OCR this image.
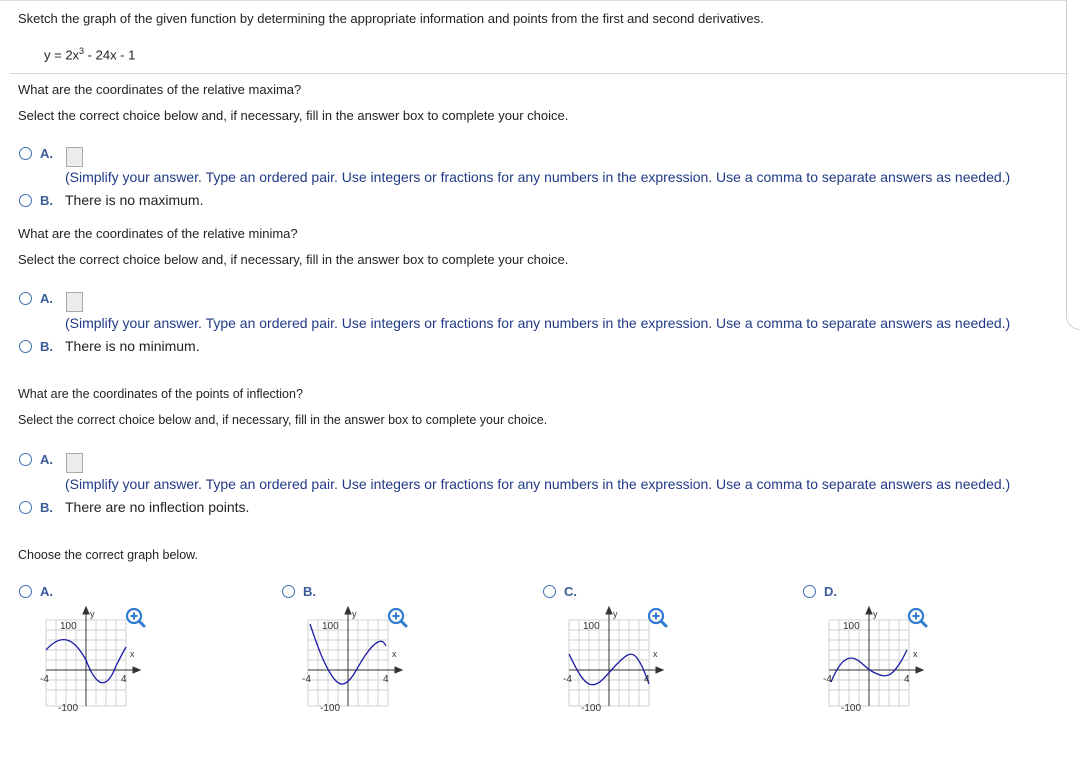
Sketch the graph of the given function by determining the appropriate information and points from the first and second derivatives.
$y = 2x^3 - 24x - 1$
What are the coordinates of the relative maxima?
Select the correct choice below and, if necessary, fill in the answer box to complete your choice.
A.
(Simplify your answer. Type an ordered pair. Use integers or fractions for any numbers in the expression. Use a comma to separate answers as needed.)
B. There is no maximum.
What are the coordinates of the relative minima?
Select the correct choice below and, if necessary, fill in the answer box to complete your choice.
A.
(Simplify your answer. Type an ordered pair. Use integers or fractions for any numbers in the expression. Use a comma to separate answers as needed.)
B. There is no minimum.
What are the coordinates of the points of inflection?
Select the correct choice below and, if necessary, fill in the answer box to complete your choice.
A.
(Simplify your answer. Type an ordered pair. Use integers or fractions for any numbers in the expression. Use a comma to separate answers as needed.)
B. There are no inflection points.
Choose the correct graph below.
A.
100
-100
-4	4
x
y
B.
100
-100
-4	4
x
y
C.
100
-100
-4	4
x
y
D.
100
-100
-4	4
x
y
